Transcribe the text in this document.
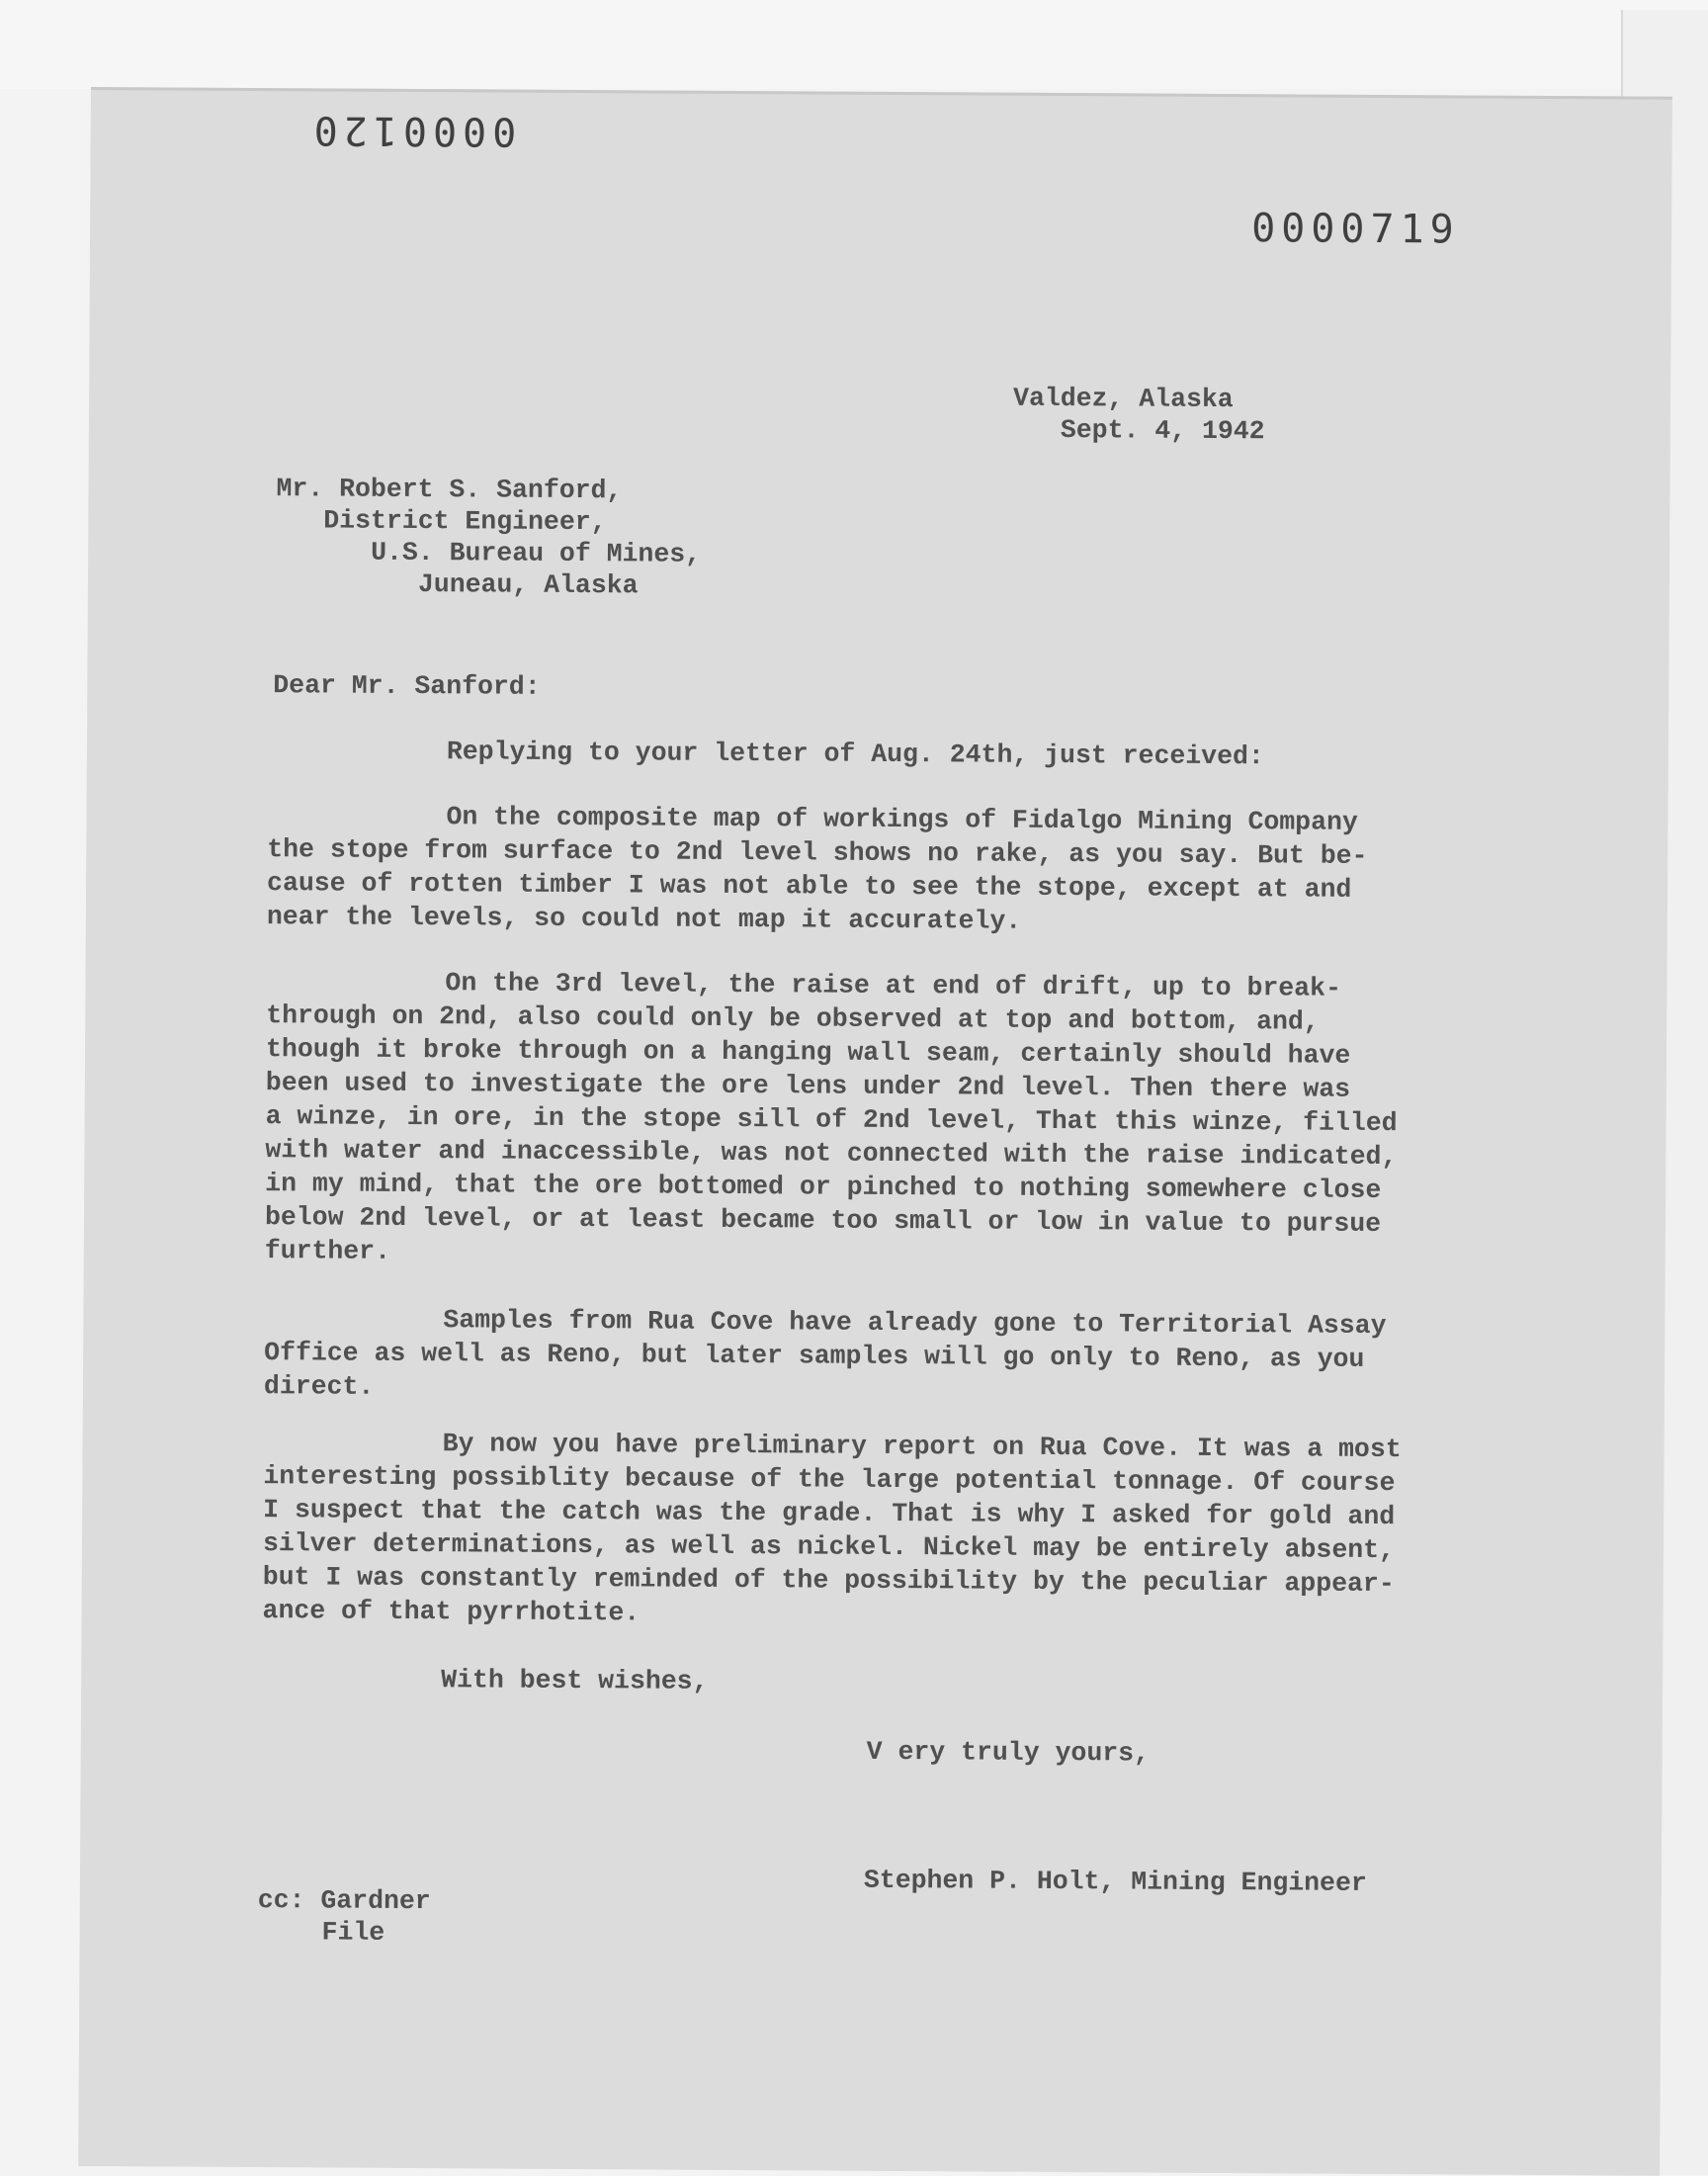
0000120
0000719
Valdez, Alaska
Sept. 4, 1942
Mr. Robert S. Sanford,
District Engineer,
U.S. Bureau of Mines,
Juneau, Alaska
Dear Mr. Sanford:
Replying to your letter of Aug. 24th, just received:
On the composite map of workings of Fidalgo Mining Company
the stope from surface to 2nd level shows no rake, as you say. But be-
cause of rotten timber I was not able to see the stope, except at and
near the levels, so could not map it accurately.
On the 3rd level, the raise at end of drift, up to break-
through on 2nd, also could only be observed at top and bottom, and,
though it broke through on a hanging wall seam, certainly should have
been used to investigate the ore lens under 2nd level. Then there was
a winze, in ore, in the stope sill of 2nd level, That this winze, filled
with water and inaccessible, was not connected with the raise indicated,
in my mind, that the ore bottomed or pinched to nothing somewhere close
below 2nd level, or at least became too small or low in value to pursue
further.
Samples from Rua Cove have already gone to Territorial Assay
Office as well as Reno, but later samples will go only to Reno, as you
direct.
By now you have preliminary report on Rua Cove. It was a most
interesting possiblity because of the large potential tonnage. Of course
I suspect that the catch was the grade. That is why I asked for gold and
silver determinations, as well as nickel. Nickel may be entirely absent,
but I was constantly reminded of the possibility by the peculiar appear-
ance of that pyrrhotite.
With best wishes,
V ery truly yours,
Stephen P. Holt, Mining Engineer
cc: Gardner
File
